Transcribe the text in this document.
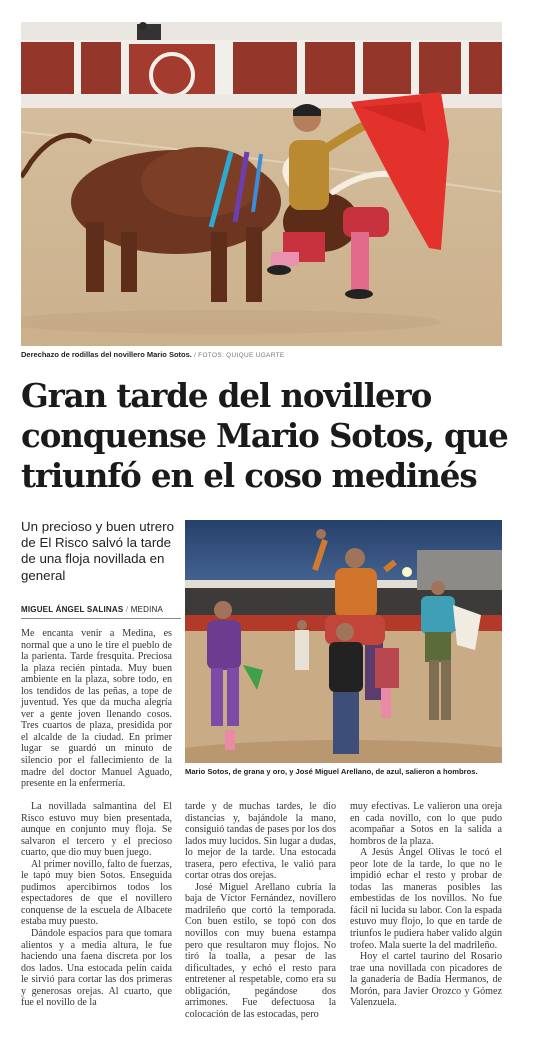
Derechazo de rodillas del novillero Mario Sotos. / FOTOS: QUIQUE UGARTE
Gran tarde del novillero
conquense Mario Sotos, que
triunfó en el coso medinés
Un precioso y buen utrero de El Risco salvó la tarde de una floja novillada en general
MIGUEL ÁNGEL SALINAS / MEDINA
Mario Sotos, de grana y oro, y José Miguel Arellano, de azul, salieron a hombros.

Me encanta venir a Medina, es normal que a uno le tire el pueblo de la parienta. Tarde fresquita. Preciosa la plaza recién pintada. Muy buen ambiente en la plaza, sobre todo, en los tendidos de las peñas, a tope de juventud. Yes que da mucha alegría ver a gente joven llenando cosos. Tres cuartos de plaza, presidida por el alcalde de la ciudad. En primer lugar se guardó un minuto de silencio por el fallecimiento de la madre del doctor Manuel Aguado, presente en la enfermería.

La novillada salmantina del El Risco estuvo muy bien presentada, aunque en conjunto muy floja. Se salvaron el tercero y el precioso cuarto, que dio muy buen juego.

Al primer novillo, falto de fuerzas, le tapó muy bien Sotos. Enseguida pudimos apercibirnos todos los espectadores de que el novillero conquense de la escuela de Albacete estaba muy puesto.

Dándole espacios para que tomara alientos y a media altura, le fue haciendo una faena discreta por los dos lados. Una estocada pelín caída le sirvió para cortar las dos primeras y generosas orejas. Al cuarto, que fue el novillo de la

tarde y de muchas tardes, le dio distancias y, bajándole la mano, consiguió tandas de pases por los dos lados muy lucidos. Sin lugar a dudas, lo mejor de la tarde. Una estocada trasera, pero efectiva, le valió para cortar otras dos orejas.

José Miguel Arellano cubría la baja de Víctor Fernández, novillero madrileño que cortó la temporada. Con buen estilo, se topó con dos novillos con muy buena estampa pero que resultaron muy flojos. No tiró la toalla, a pesar de las dificultades, y echó el resto para entretener al respetable, como era su obligación, pegándose dos arrimones. Fue defectuosa la colocación de las estocadas, pero

muy efectivas. Le valieron una oreja en cada novillo, con lo que pudo acompañar a Sotos en la salida a hombros de la plaza.

A Jesús Ángel Olivas le tocó el peor lote de la tarde, lo que no le impidió echar el resto y probar de todas las maneras posibles las embestidas de los novillos. No fue fácil ni lucida su labor. Con la espada estuvo muy flojo, lo que en tarde de triunfos le pudiera haber valido algún trofeo. Mala suerte la del madrileño.

Hoy el cartel taurino del Rosario trae una novillada con picadores de la ganadería de Badía Hermanos, de Morón, para Javier Orozco y Gómez Valenzuela.
